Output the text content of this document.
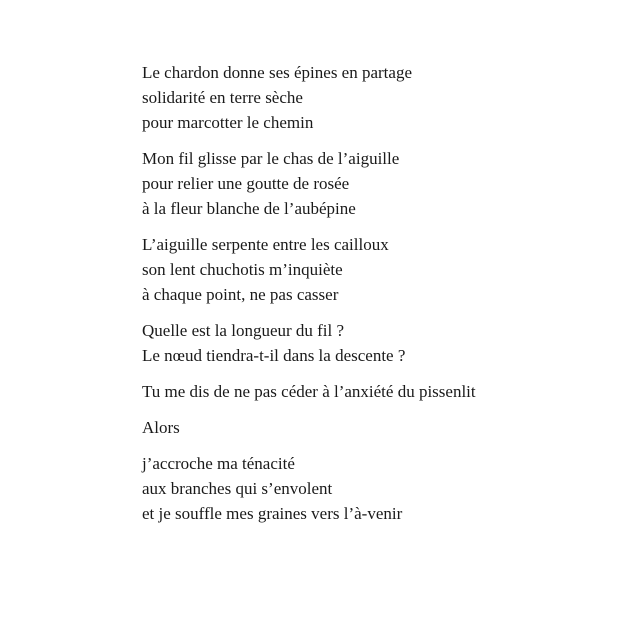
Le chardon donne ses épines en partage
solidarité en terre sèche
pour marcotter le chemin
Mon fil glisse par le chas de l’aiguille
pour relier une goutte de rosée
à la fleur blanche de l’aubépine
L’aiguille serpente entre les cailloux
son lent chuchotis m’inquiète
à chaque point, ne pas casser
Quelle est la longueur du fil ?
Le nœud tiendra-t-il dans la descente ?
Tu me dis de ne pas céder à l’anxiété du pissenlit
Alors
j’accroche ma ténacité
aux branches qui s’envolent
et je souffle mes graines vers l’à-venir
